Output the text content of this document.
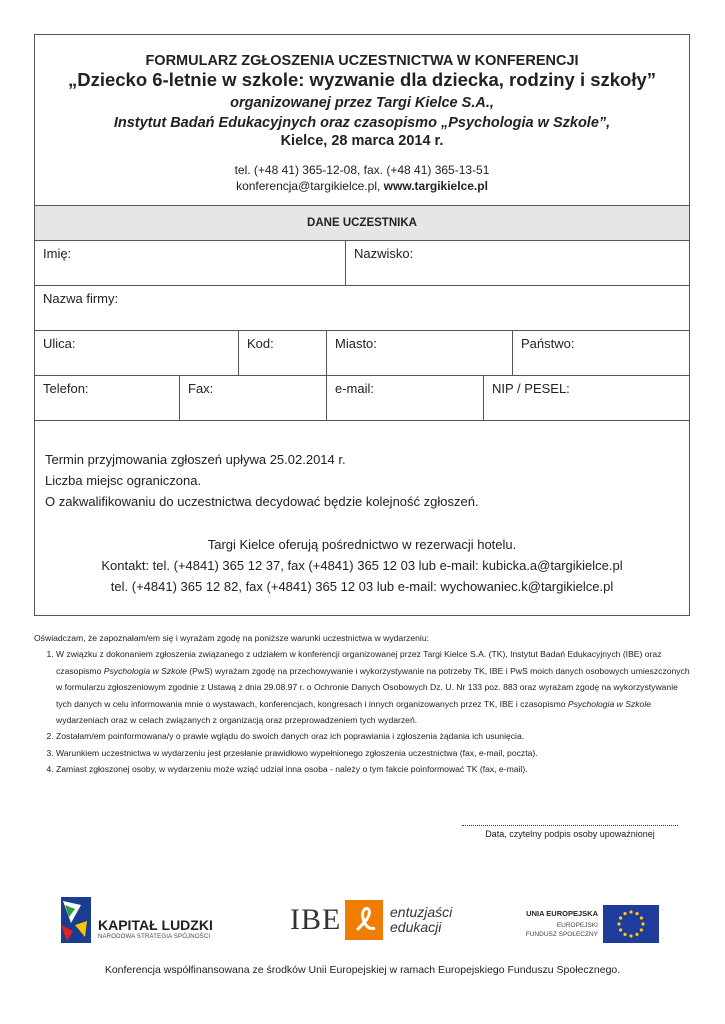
FORMULARZ ZGŁOSZENIA UCZESTNICTWA W KONFERENCJI
„Dziecko 6-letnie w szkole: wyzwanie dla dziecka, rodziny i szkoły”
organizowanej przez Targi Kielce S.A.,
Instytut Badań Edukacyjnych oraz czasopismo „Psychologia w Szkole”,
Kielce, 28 marca 2014 r.
tel. (+48 41) 365-12-08, fax. (+48 41) 365-13-51
konferencja@targikielce.pl, www.targikielce.pl
DANE UCZESTNIKA
Imię:	Nazwisko:
Nazwa firmy:
Ulica:	Kod:	Miasto:	Państwo:
Telefon:	Fax:	e-mail:	NIP / PESEL:
Termin przyjmowania zgłoszeń upływa 25.02.2014 r.
Liczba miejsc ograniczona.
O zakwalifikowaniu do uczestnictwa decydować będzie kolejność zgłoszeń.
Targi Kielce oferują pośrednictwo w rezerwacji hotelu.
Kontakt: tel. (+4841) 365 12 37, fax (+4841) 365 12 03 lub e-mail: kubicka.a@targikielce.pl
tel. (+4841) 365 12 82, fax (+4841) 365 12 03 lub e-mail: wychowaniec.k@targikielce.pl
Oświadczam, że zapoznałam/em się i wyrażam zgodę na poniższe warunki uczestnictwa w wydarzeniu:
1. W związku z dokonaniem zgłoszenia związanego z udziałem w konferencji organizowanej przez Targi Kielce S.A. (TK), Instytut Badań Edukacyjnych (IBE) oraz czasopismo Psychologia w Szkole (PwS) wyrażam zgodę na przechowywanie i wykorzystywanie na potrzeby TK, IBE i PwS moich danych osobowych umieszczonych w formularzu zgłoszeniowym zgodnie z Ustawą z dnia 29.08.97 r. o Ochronie Danych Osobowych Dz. U. Nr 133 poz. 883 oraz wyrażam zgodę na wykorzystywanie tych danych w celu informowania mnie o wystawach, konferencjach, kongresach i innych organizowanych przez TK, IBE i czasopismo Psychologia w Szkole wydarzeniach oraz w celach związanych z organizacją oraz przeprowadzeniem tych wydarzeń.
2. Zostałam/em poinformowana/y o prawie wglądu do swoich danych oraz ich poprawiania i zgłoszenia żądania ich usunięcia.
3. Warunkiem uczestnictwa w wydarzeniu jest przesłanie prawidłowo wypełnionego zgłoszenia uczestnictwa (fax, e-mail, poczta).
4. Zamiast zgłoszonej osoby, w wydarzeniu może wziąć udział inna osoba - należy o tym fakcie poinformować TK (fax, e-mail).
Data, czytelny podpis osoby upoważnionej
KAPITAŁ LUDZKI
NARODOWA STRATEGIA SPÓJNOŚCI
IBE	entuzjaści
edukacji
UNIA EUROPEJSKA
EUROPEJSKI
FUNDUSZ SPOŁECZNY
Konferencja współfinansowana ze środków Unii Europejskiej w ramach Europejskiego Funduszu Społecznego.
